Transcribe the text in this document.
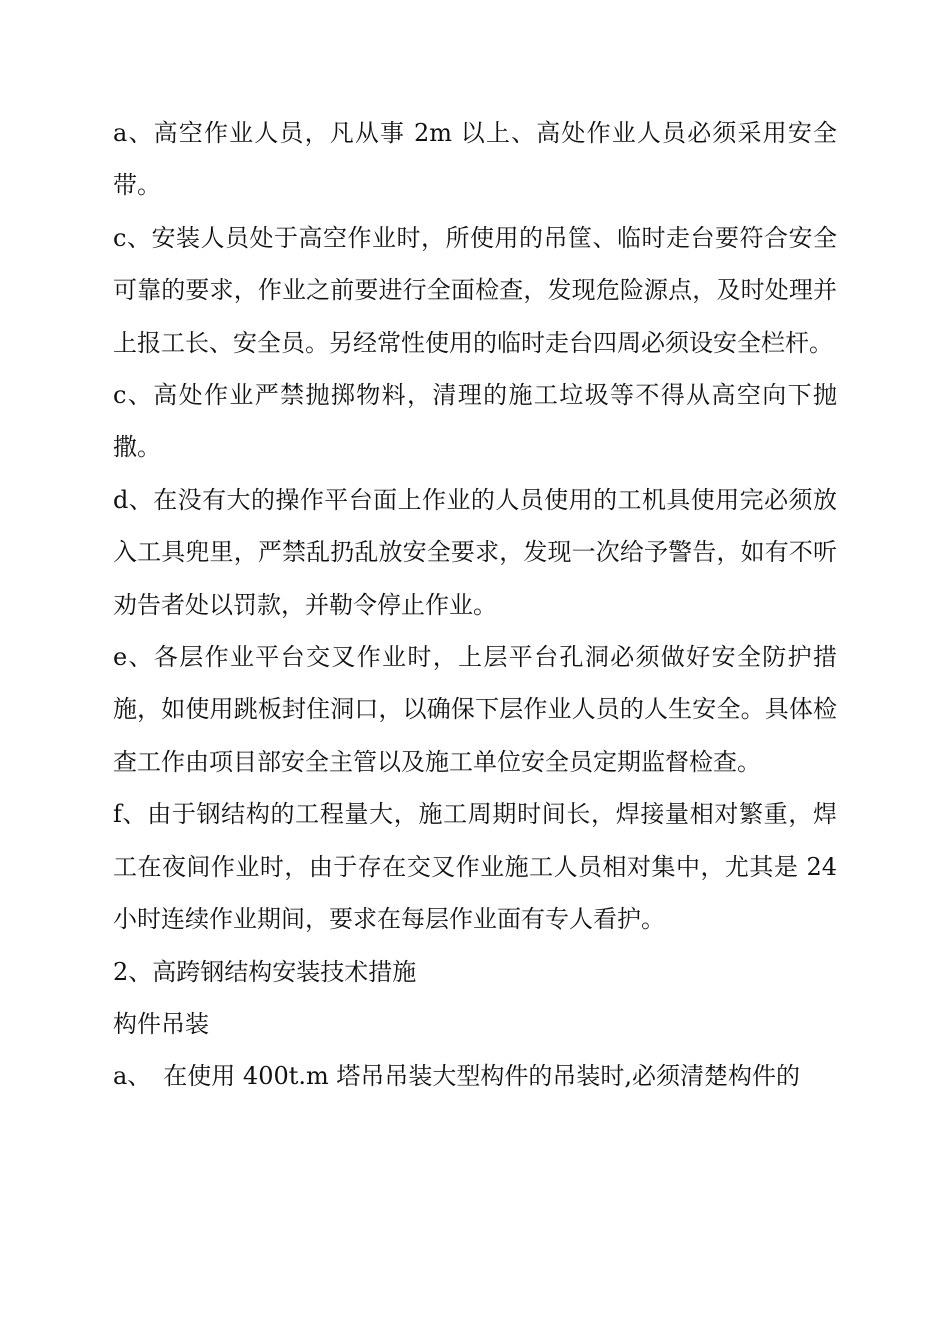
a、高空作业人员，凡从事 2m 以上、高处作业人员必须采用安全带。

c、安装人员处于高空作业时，所使用的吊筐、临时走台要符合安全可靠的要求，作业之前要进行全面检查，发现危险源点，及时处理并上报工长、安全员。另经常性使用的临时走台四周必须设安全栏杆。

c、高处作业严禁抛掷物料，清理的施工垃圾等不得从高空向下抛撒。

d、在没有大的操作平台面上作业的人员使用的工机具使用完必须放入工具兜里，严禁乱扔乱放安全要求，发现一次给予警告，如有不听劝告者处以罚款，并勒令停止作业。

e、各层作业平台交叉作业时，上层平台孔洞必须做好安全防护措施，如使用跳板封住洞口，以确保下层作业人员的人生安全。具体检查工作由项目部安全主管以及施工单位安全员定期监督检查。

f、由于钢结构的工程量大，施工周期时间长，焊接量相对繁重，焊工在夜间作业时，由于存在交叉作业施工人员相对集中，尤其是 24 小时连续作业期间，要求在每层作业面有专人看护。

2、高跨钢结构安装技术措施

构件吊装

a、　在使用 400t.m 塔吊吊装大型构件的吊装时,必须清楚构件的
